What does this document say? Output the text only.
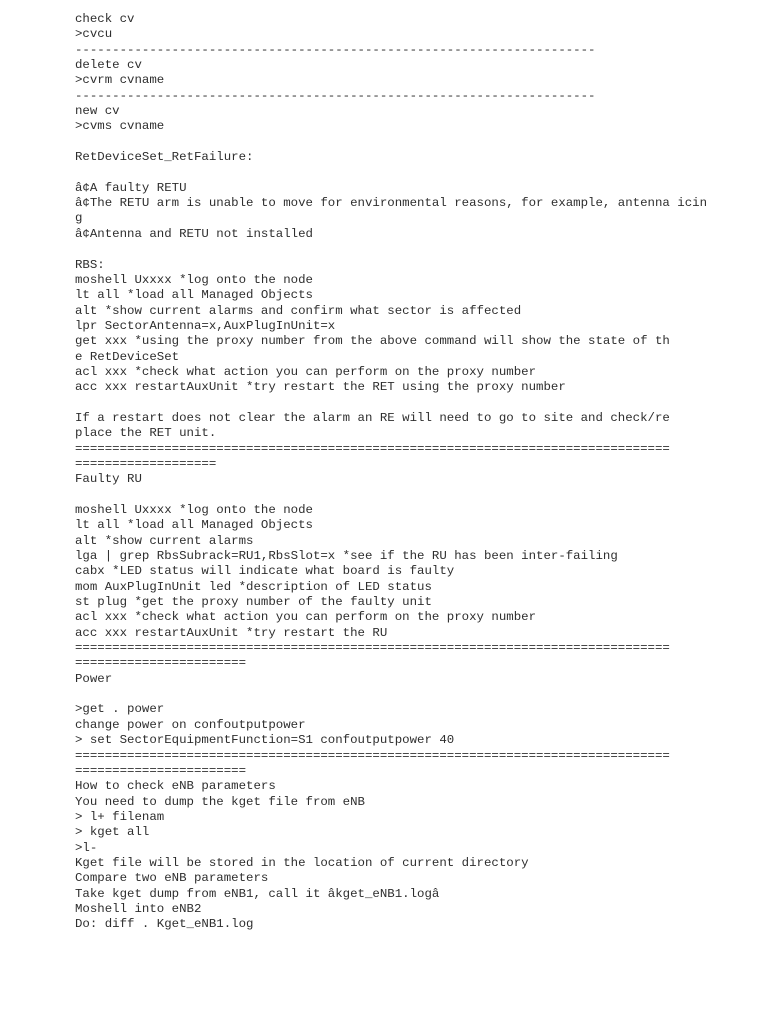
check cv
>cvcu
----------------------------------------------------------------------
delete cv
>cvrm cvname
----------------------------------------------------------------------
new cv
>cvms cvname
RetDeviceSet_RetFailure:
â¢A faulty RETU
â¢The RETU arm is unable to move for environmental reasons, for example, antenna icin
g
â¢Antenna and RETU not installed
RBS:
moshell Uxxxx *log onto the node
lt all *load all Managed Objects
alt *show current alarms and confirm what sector is affected
lpr SectorAntenna=x,AuxPlugInUnit=x
get xxx *using the proxy number from the above command will show the state of th
e RetDeviceSet
acl xxx *check what action you can perform on the proxy number
acc xxx restartAuxUnit *try restart the RET using the proxy number
If a restart does not clear the alarm an RE will need to go to site and check/re
place the RET unit.
================================================================================
===================
Faulty RU
moshell Uxxxx *log onto the node
lt all *load all Managed Objects
alt *show current alarms
lga | grep RbsSubrack=RU1,RbsSlot=x *see if the RU has been inter-failing
cabx *LED status will indicate what board is faulty
mom AuxPlugInUnit led *description of LED status
st plug *get the proxy number of the faulty unit
acl xxx *check what action you can perform on the proxy number
acc xxx restartAuxUnit *try restart the RU
================================================================================
=======================
Power
>get . power
change power on confoutputpower
> set SectorEquipmentFunction=S1 confoutputpower 40
================================================================================
=======================
How to check eNB parameters
You need to dump the kget file from eNB
> l+ filenam
> kget all
>l-
Kget file will be stored in the location of current directory
Compare two eNB parameters
Take kget dump from eNB1, call it âkget_eNB1.logâ
Moshell into eNB2
Do: diff . Kget_eNB1.log
